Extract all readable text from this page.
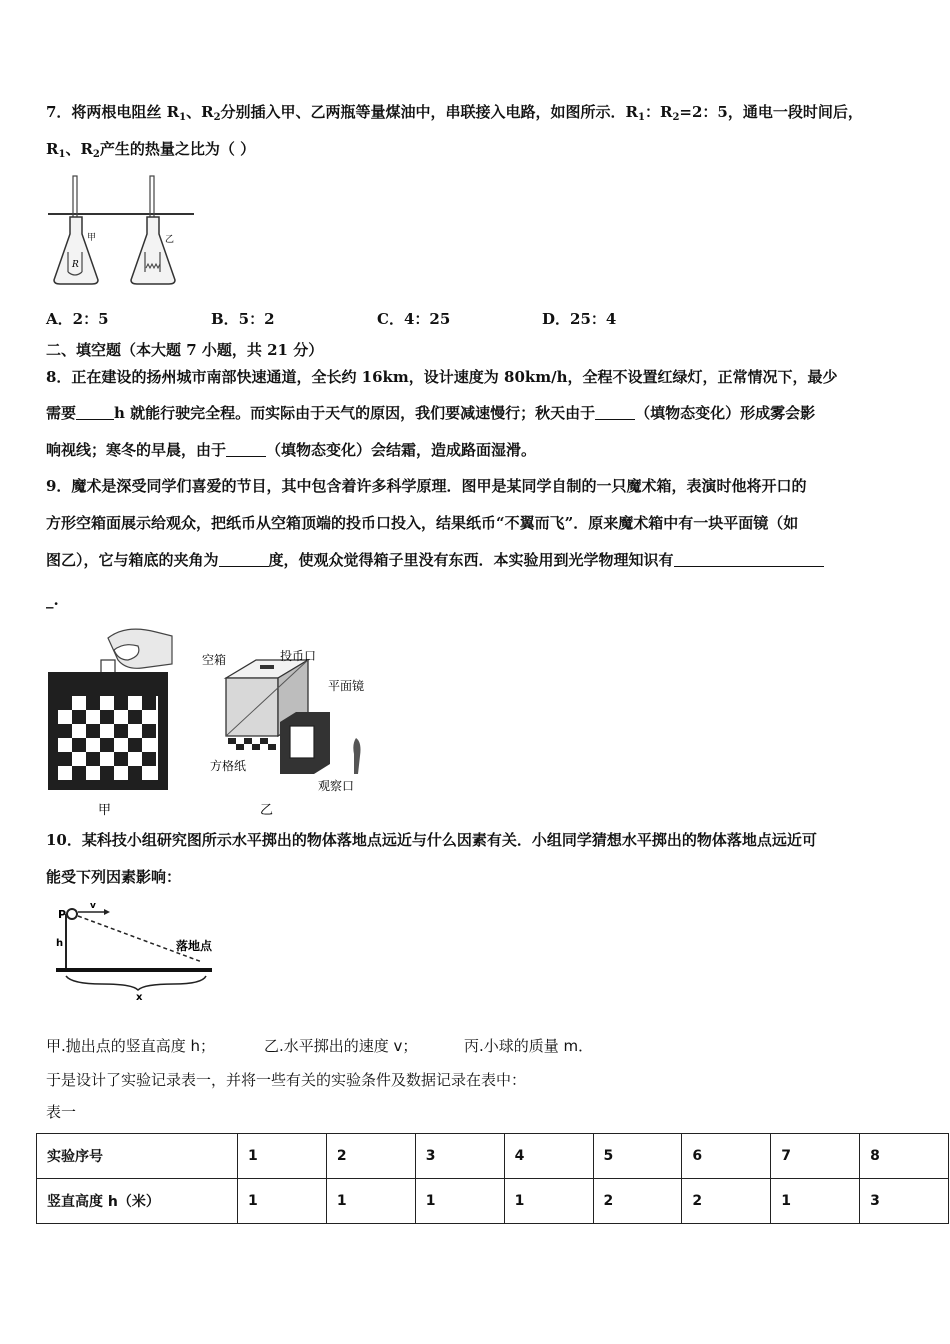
7．将两根电阻丝 $R_1$、$R_2$分别插入甲、乙两瓶等量煤油中，串联接入电路，如图所示．$R_1$：$R_2=2$：5，通电一段时间后，
$R_1$、$R_2$产生的热量之比为（ ）
甲	乙
R
A．2：5	B．5：2	C．4：25	D．25：4
二、填空题（本大题 7 小题，共 21 分）
8．正在建设的扬州城市南部快速通道，全长约 16km，设计速度为 80km/h，全程不设置红绿灯，正常情况下，最少
需要	h 就能行驶完全程。而实际由于天气的原因，我们要减速慢行；秋天由于	（填物态变化）形成雾会影
响视线；寒冬的早晨，由于	（填物态变化）会结霜，造成路面湿滑。
9．魔术是深受同学们喜爱的节目，其中包含着许多科学原理．图甲是某同学自制的一只魔术箱，表演时他将开口的
方形空箱面展示给观众，把纸币从空箱顶端的投币口投入，结果纸币“不翼而飞”．原来魔术箱中有一块平面镜（如
图乙），它与箱底的夹角为	度，使观众觉得箱子里没有东西．本实验用到光学物理知识有
_.
甲
空箱	投币口
平面镜
方格纸
观察口
乙
10．某科技小组研究图所示水平掷出的物体落地点远近与什么因素有关．小组同学猜想水平掷出的物体落地点远近可
能受下列因素影响：
P
v
h	落地点
x
甲.抛出点的竖直高度 h；	乙.水平掷出的速度 v；	丙.小球的质量 m．
于是设计了实验记录表一，并将一些有关的实验条件及数据记录在表中：
表一
实验序号	1	2	3	4	5	6	7	8
竖直高度 h（米）	1	1	1	1	2	2	1	3
